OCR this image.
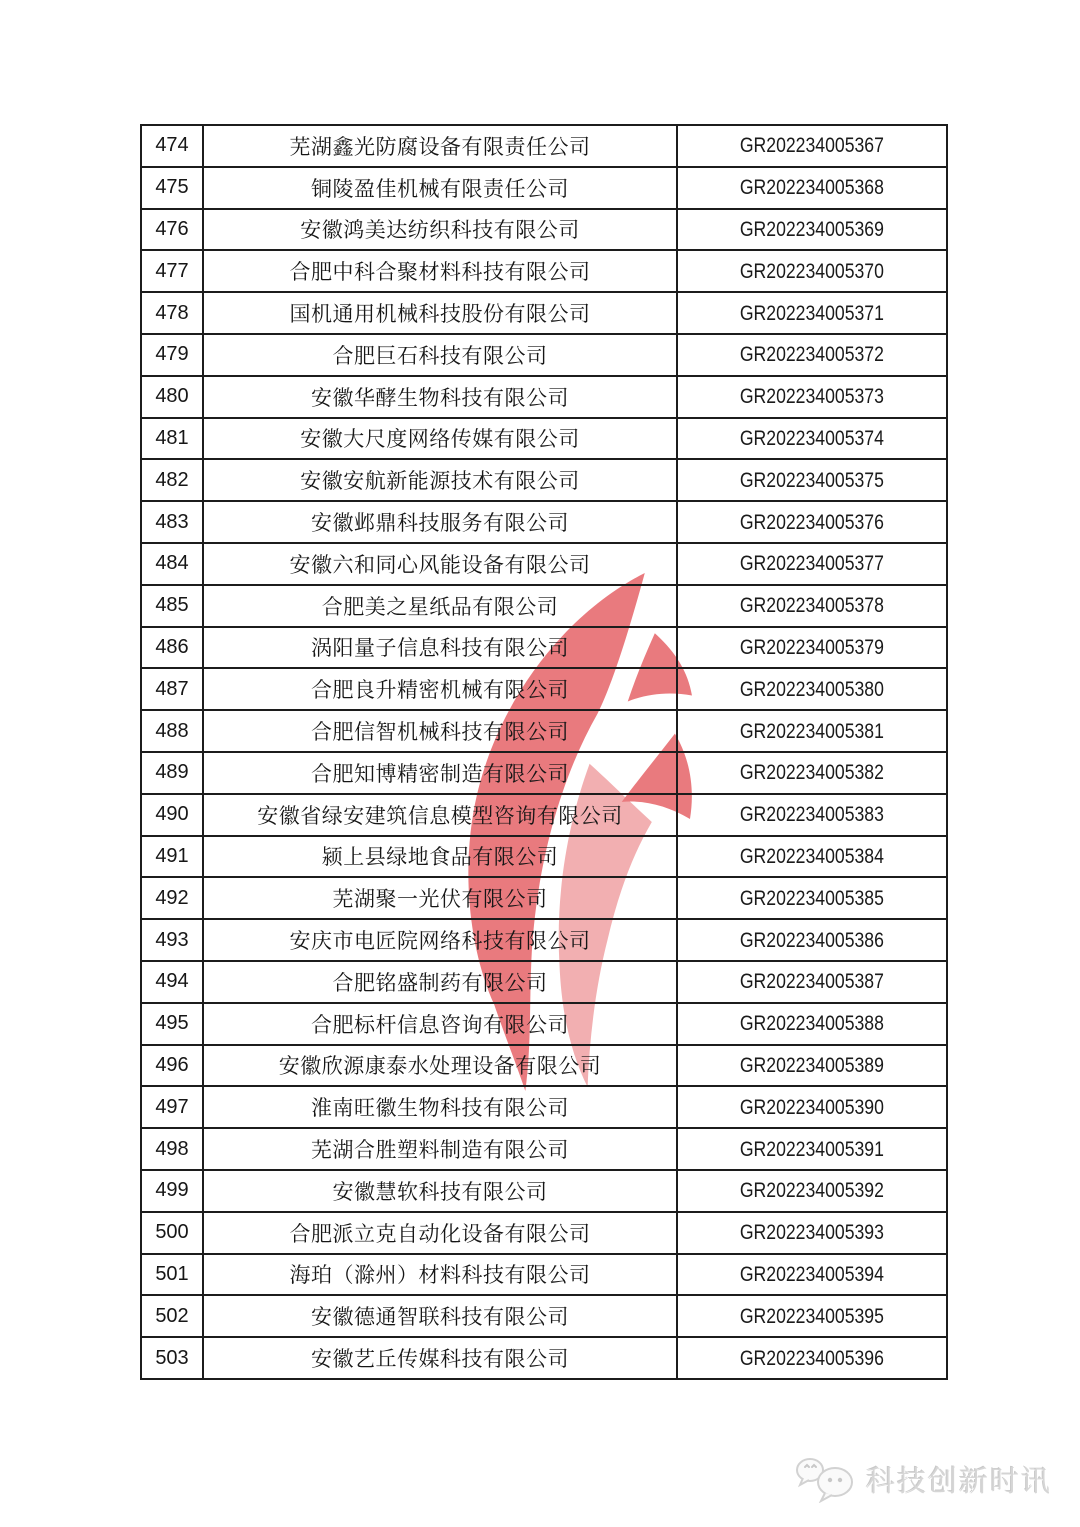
474	芜湖鑫光防腐设备有限责任公司	GR202234005367
475	铜陵盈佳机械有限责任公司	GR202234005368
476	安徽鸿美达纺织科技有限公司	GR202234005369
477	合肥中科合聚材料科技有限公司	GR202234005370
478	国机通用机械科技股份有限公司	GR202234005371
479	合肥巨石科技有限公司	GR202234005372
480	安徽华酵生物科技有限公司	GR202234005373
481	安徽大尺度网络传媒有限公司	GR202234005374
482	安徽安航新能源技术有限公司	GR202234005375
483	安徽邺鼎科技服务有限公司	GR202234005376
484	安徽六和同心风能设备有限公司	GR202234005377
485	合肥美之星纸品有限公司	GR202234005378
486	涡阳量子信息科技有限公司	GR202234005379
487	合肥良升精密机械有限公司	GR202234005380
488	合肥信智机械科技有限公司	GR202234005381
489	合肥知博精密制造有限公司	GR202234005382
490	安徽省绿安建筑信息模型咨询有限公司	GR202234005383
491	颍上县绿地食品有限公司	GR202234005384
492	芜湖聚一光伏有限公司	GR202234005385
493	安庆市电匠院网络科技有限公司	GR202234005386
494	合肥铭盛制药有限公司	GR202234005387
495	合肥标杆信息咨询有限公司	GR202234005388
496	安徽欣源康泰水处理设备有限公司	GR202234005389
497	淮南旺徽生物科技有限公司	GR202234005390
498	芜湖合胜塑料制造有限公司	GR202234005391
499	安徽慧软科技有限公司	GR202234005392
500	合肥派立克自动化设备有限公司	GR202234005393
501	海珀（滁州）材料科技有限公司	GR202234005394
502	安徽德通智联科技有限公司	GR202234005395
503	安徽艺丘传媒科技有限公司	GR202234005396
科技创新时讯
